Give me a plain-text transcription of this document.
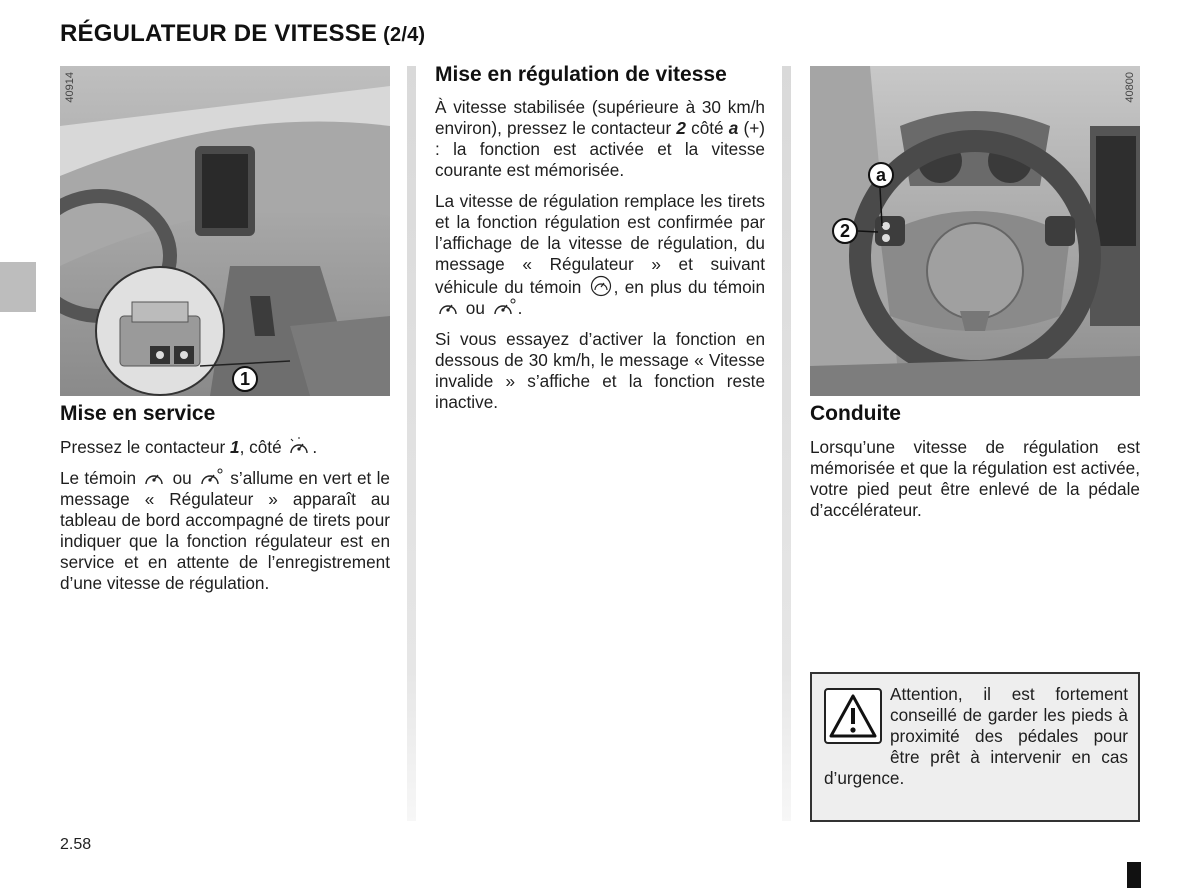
RÉGULATEUR DE VITESSE (2/4)
40914
1
Mise en service

Pressez le contacteur 1, côté .

Le témoin  ou  s’allume en vert et le message « Régulateur » apparaît au tableau de bord accompagné de tirets pour indiquer que la fonction régulateur est en service et en attente de l’enregistrement d’une vitesse de régulation.

Mise en régulation de vitesse

À vitesse stabilisée (supérieure à 30 km/h environ), pressez le contacteur 2 côté a (+) : la fonction est activée et la vitesse courante est mémorisée.

La vitesse de régulation remplace les tirets et la fonction régulation est confirmée par l’affichage de la vitesse de régulation, du message « Régulateur » et suivant véhicule du témoin , en plus du témoin  ou .

Si vous essayez d’activer la fonction en dessous de 30 km/h, le message « Vitesse invalide » s’affiche et la fonction reste inactive.

40800
a
2
Conduite

Lorsqu’une vitesse de régulation est mémorisée et que la régulation est activée, votre pied peut être enlevé de la pédale d’accélérateur.

Attention, il est fortement conseillé de garder les pieds à proximité des pédales pour être prêt à intervenir en cas d’urgence.
2.58
